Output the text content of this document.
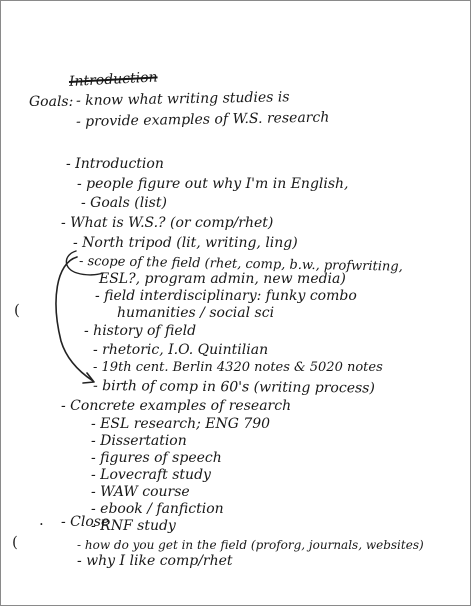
Introduction
Goals: - know what writing studies is
- provide examples of W.S. research
- Introduction
- people figure out why I'm in English,
- Goals (list)
- What is W.S.? (or comp/rhet)
- North tripod (lit, writing, ling)
- scope of the field (rhet, comp, b.w., profwriting,
ESL?, program admin, new media)
- field interdisciplinary: funky combo
humanities / social sci
- history of field
- rhetoric, I.O. Quintilian
- 19th cent. Berlin 4320 notes & 5020 notes
- birth of comp in 60's (writing process)
- Concrete examples of research
- ESL research; ENG 790
- Dissertation
- figures of speech
- Lovecraft study
- WAW course
- ebook / fanfiction
- RNF study
- Close
- how do you get in the field (proforg, journals, websites)
- why I like comp/rhet
(
(
.
